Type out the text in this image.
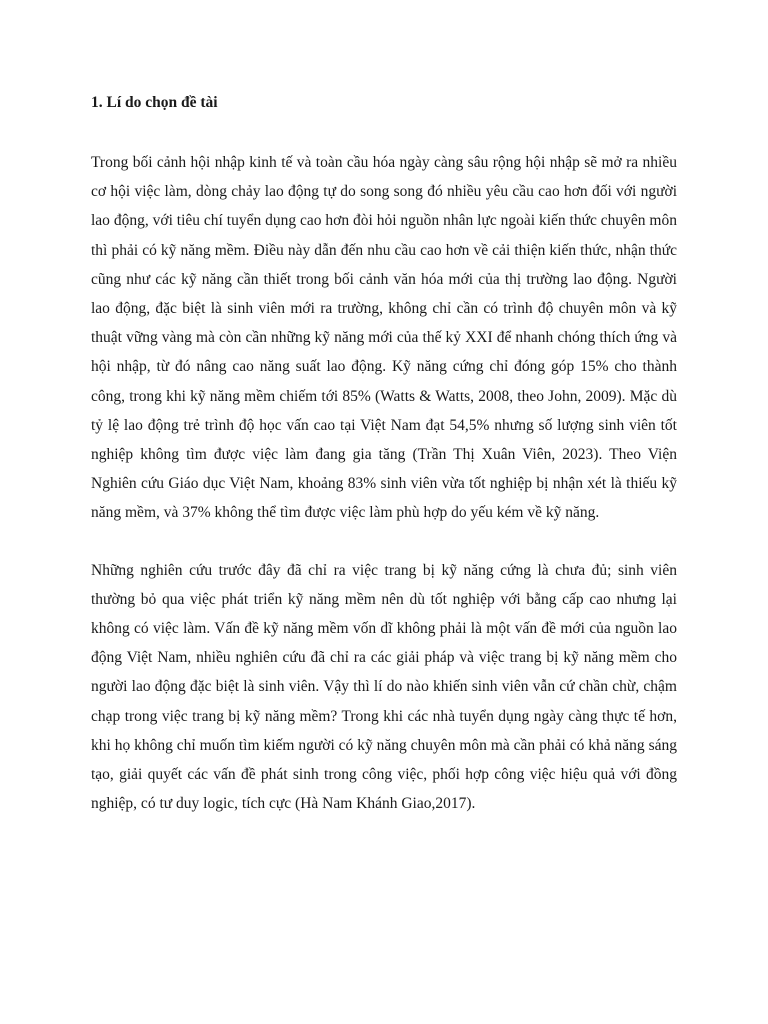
1. Lí do chọn đề tài

Trong bối cảnh hội nhập kinh tế và toàn cầu hóa ngày càng sâu rộng hội nhập sẽ mở ra nhiều cơ hội việc làm, dòng chảy lao động tự do song song đó nhiều yêu cầu cao hơn đối với người lao động, với tiêu chí tuyển dụng cao hơn đòi hỏi nguồn nhân lực ngoài kiến thức chuyên môn thì phải có kỹ năng mềm. Điều này dẫn đến nhu cầu cao hơn về cải thiện kiến thức, nhận thức cũng như các kỹ năng cần thiết trong bối cảnh văn hóa mới của thị trường lao động. Người lao động, đặc biệt là sinh viên mới ra trường, không chỉ cần có trình độ chuyên môn và kỹ thuật vững vàng mà còn cần những kỹ năng mới của thế kỷ XXI để nhanh chóng thích ứng và hội nhập, từ đó nâng cao năng suất lao động. Kỹ năng cứng chỉ đóng góp 15% cho thành công, trong khi kỹ năng mềm chiếm tới 85% (Watts & Watts, 2008, theo John, 2009). Mặc dù tỷ lệ lao động trẻ trình độ học vấn cao tại Việt Nam đạt 54,5% nhưng số lượng sinh viên tốt nghiệp không tìm được việc làm đang gia tăng (Trần Thị Xuân Viên, 2023). Theo Viện Nghiên cứu Giáo dục Việt Nam, khoảng 83% sinh viên vừa tốt nghiệp bị nhận xét là thiếu kỹ năng mềm, và 37% không thể tìm được việc làm phù hợp do yếu kém về kỹ năng.

Những nghiên cứu trước đây đã chỉ ra việc trang bị kỹ năng cứng là chưa đủ; sinh viên thường bỏ qua việc phát triển kỹ năng mềm nên dù tốt nghiệp với bằng cấp cao nhưng lại không có việc làm. Vấn đề kỹ năng mềm vốn dĩ không phải là một vấn đề mới của nguồn lao động Việt Nam, nhiều nghiên cứu đã chỉ ra các giải pháp và việc trang bị kỹ năng mềm cho người lao động đặc biệt là sinh viên. Vậy thì lí do nào khiến sinh viên vẫn cứ chần chừ, chậm chạp trong việc trang bị kỹ năng mềm? Trong khi các nhà tuyển dụng ngày càng thực tế hơn, khi họ không chỉ muốn tìm kiếm người có kỹ năng chuyên môn mà cần phải có khả năng sáng tạo, giải quyết các vấn đề phát sinh trong công việc, phối hợp công việc hiệu quả với đồng nghiệp, có tư duy logic, tích cực (Hà Nam Khánh Giao,2017).
